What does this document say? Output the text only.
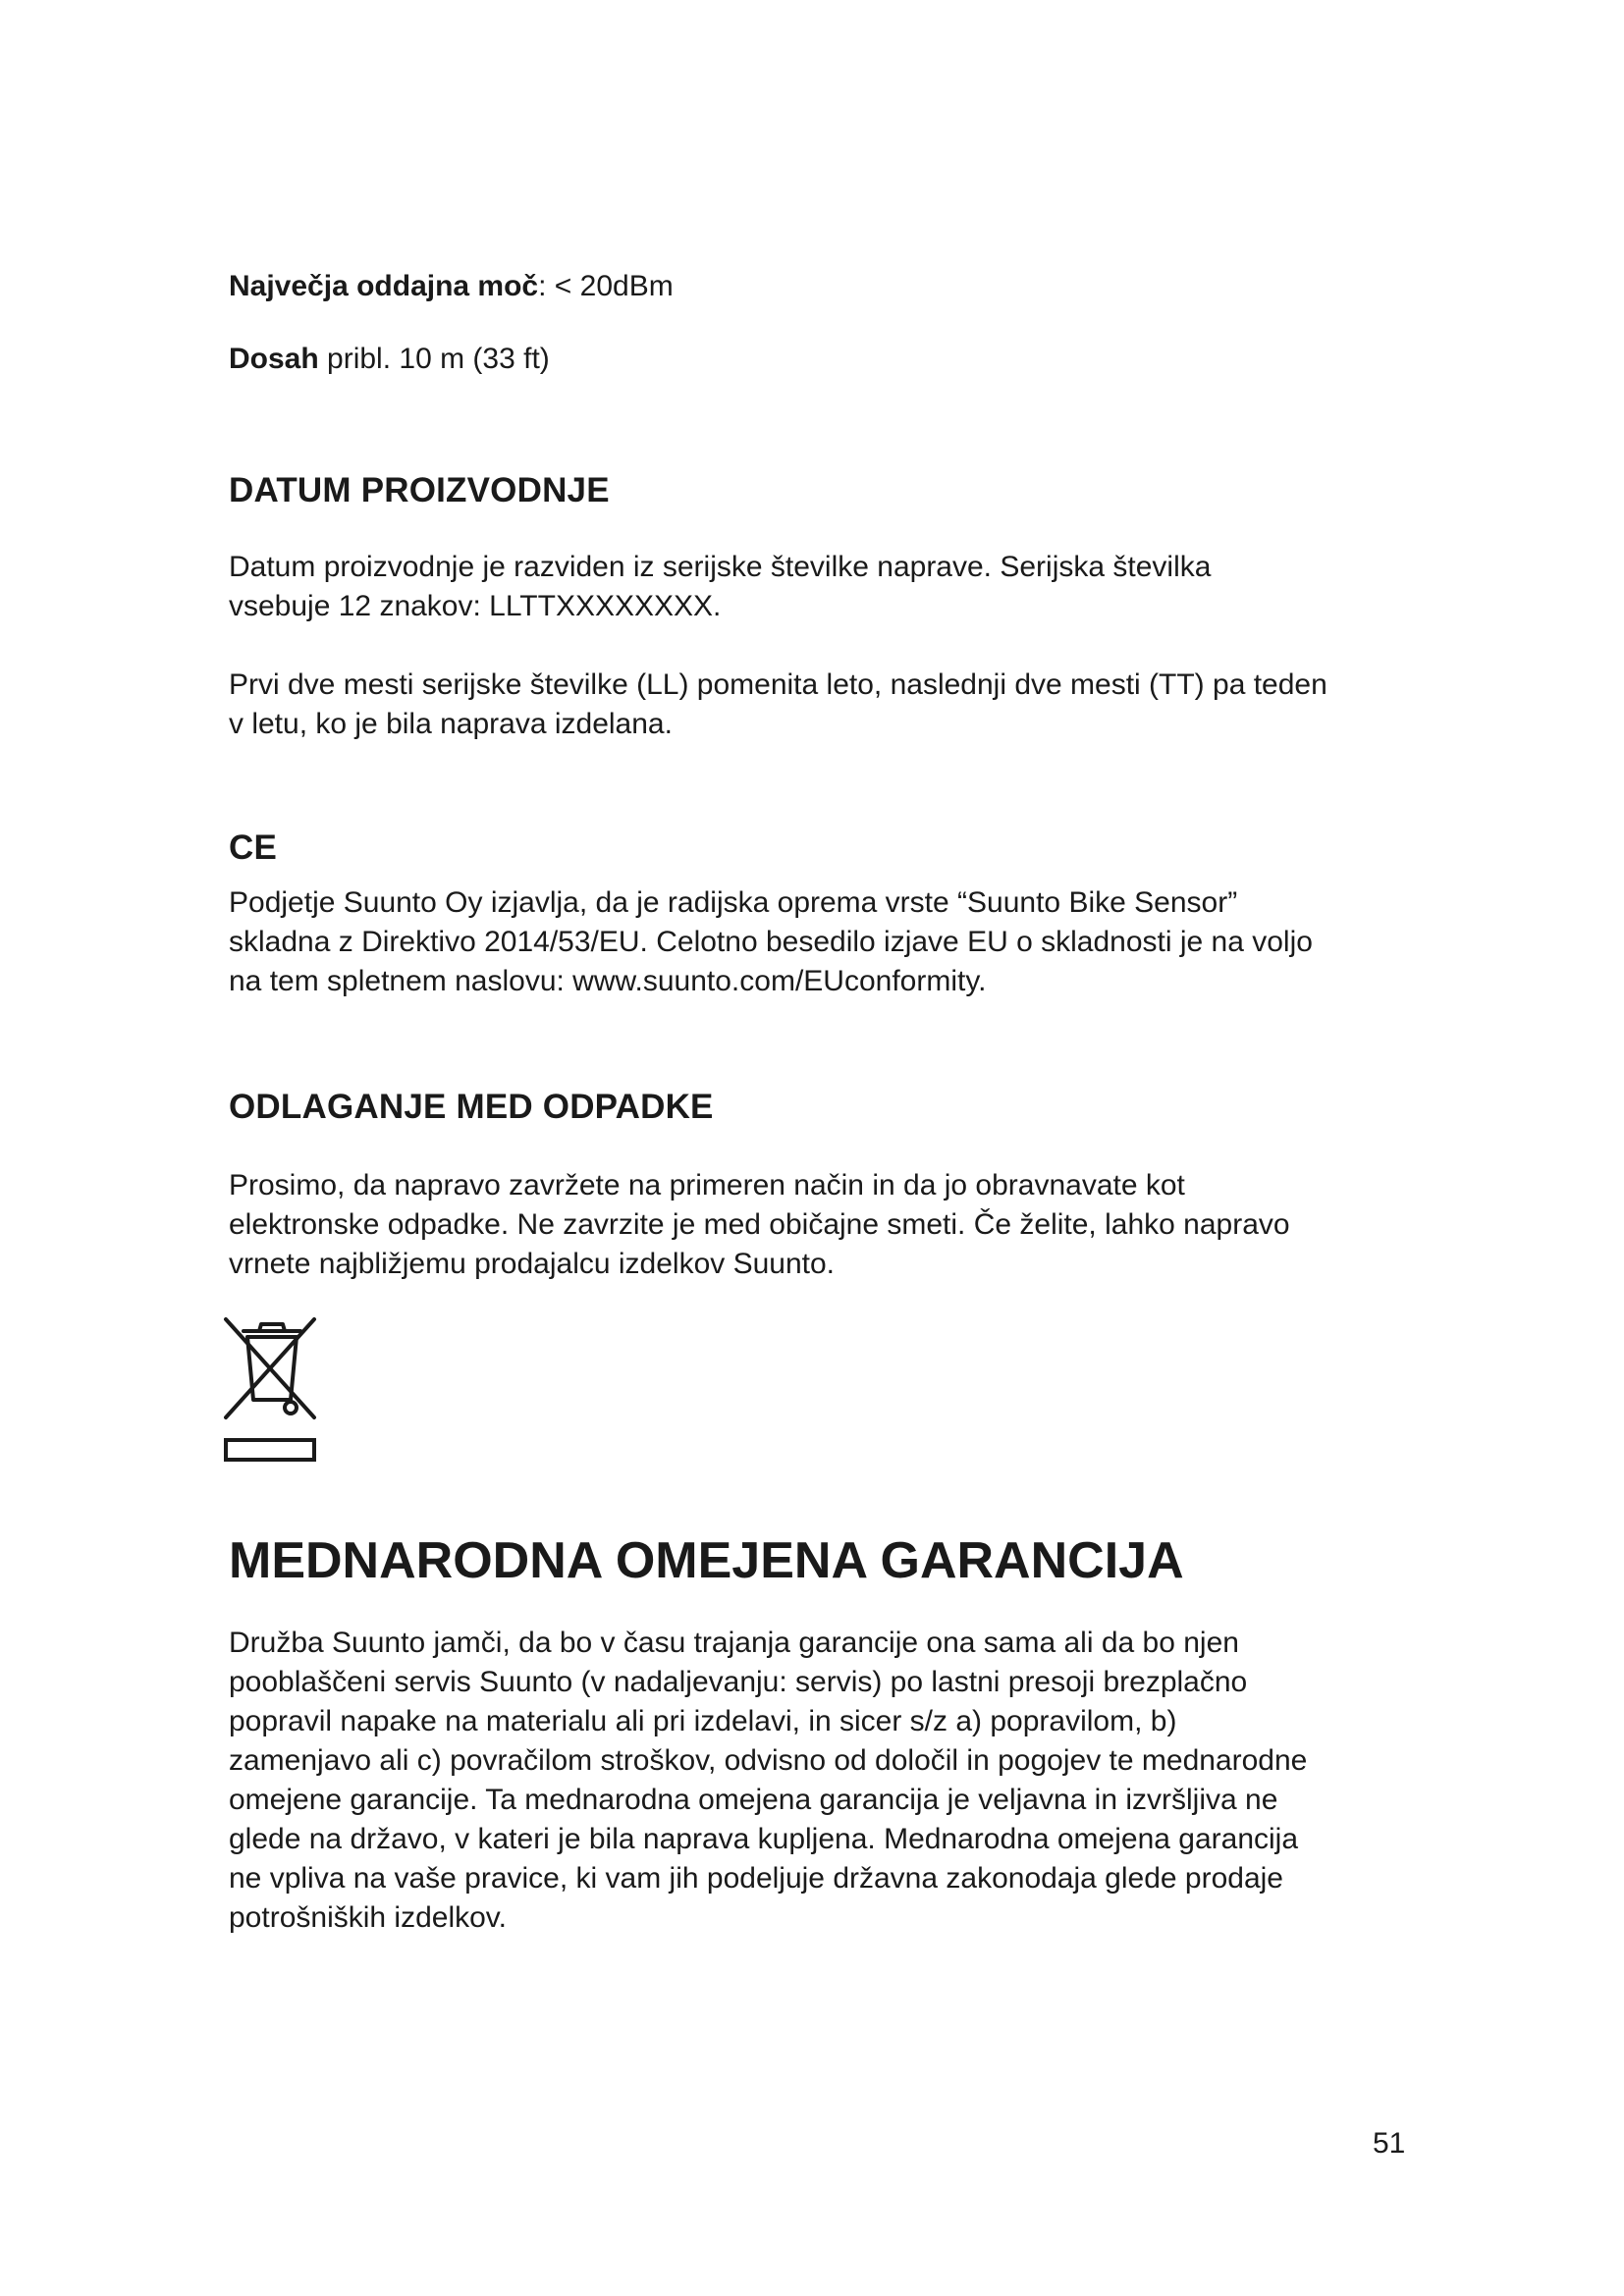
Največja oddajna moč: < 20dBm
Dosah pribl. 10 m (33 ft)
DATUM PROIZVODNJE
Datum proizvodnje je razviden iz serijske številke naprave. Serijska številka
vsebuje 12 znakov: LLTTXXXXXXXX.
Prvi dve mesti serijske številke (LL) pomenita leto, naslednji dve mesti (TT) pa teden
v letu, ko je bila naprava izdelana.
CE
Podjetje Suunto Oy izjavlja, da je radijska oprema vrste “Suunto Bike Sensor”
skladna z Direktivo 2014/53/EU. Celotno besedilo izjave EU o skladnosti je na voljo
na tem spletnem naslovu: www.suunto.com/EUconformity.
ODLAGANJE MED ODPADKE
Prosimo, da napravo zavržete na primeren način in da jo obravnavate kot
elektronske odpadke. Ne zavrzite je med običajne smeti. Če želite, lahko napravo
vrnete najbližjemu prodajalcu izdelkov Suunto.
MEDNARODNA OMEJENA GARANCIJA
Družba Suunto jamči, da bo v času trajanja garancije ona sama ali da bo njen
pooblaščeni servis Suunto (v nadaljevanju: servis) po lastni presoji brezplačno
popravil napake na materialu ali pri izdelavi, in sicer s/z a) popravilom, b)
zamenjavo ali c) povračilom stroškov, odvisno od določil in pogojev te mednarodne
omejene garancije. Ta mednarodna omejena garancija je veljavna in izvršljiva ne
glede na državo, v kateri je bila naprava kupljena. Mednarodna omejena garancija
ne vpliva na vaše pravice, ki vam jih podeljuje državna zakonodaja glede prodaje
potrošniških izdelkov.
51
